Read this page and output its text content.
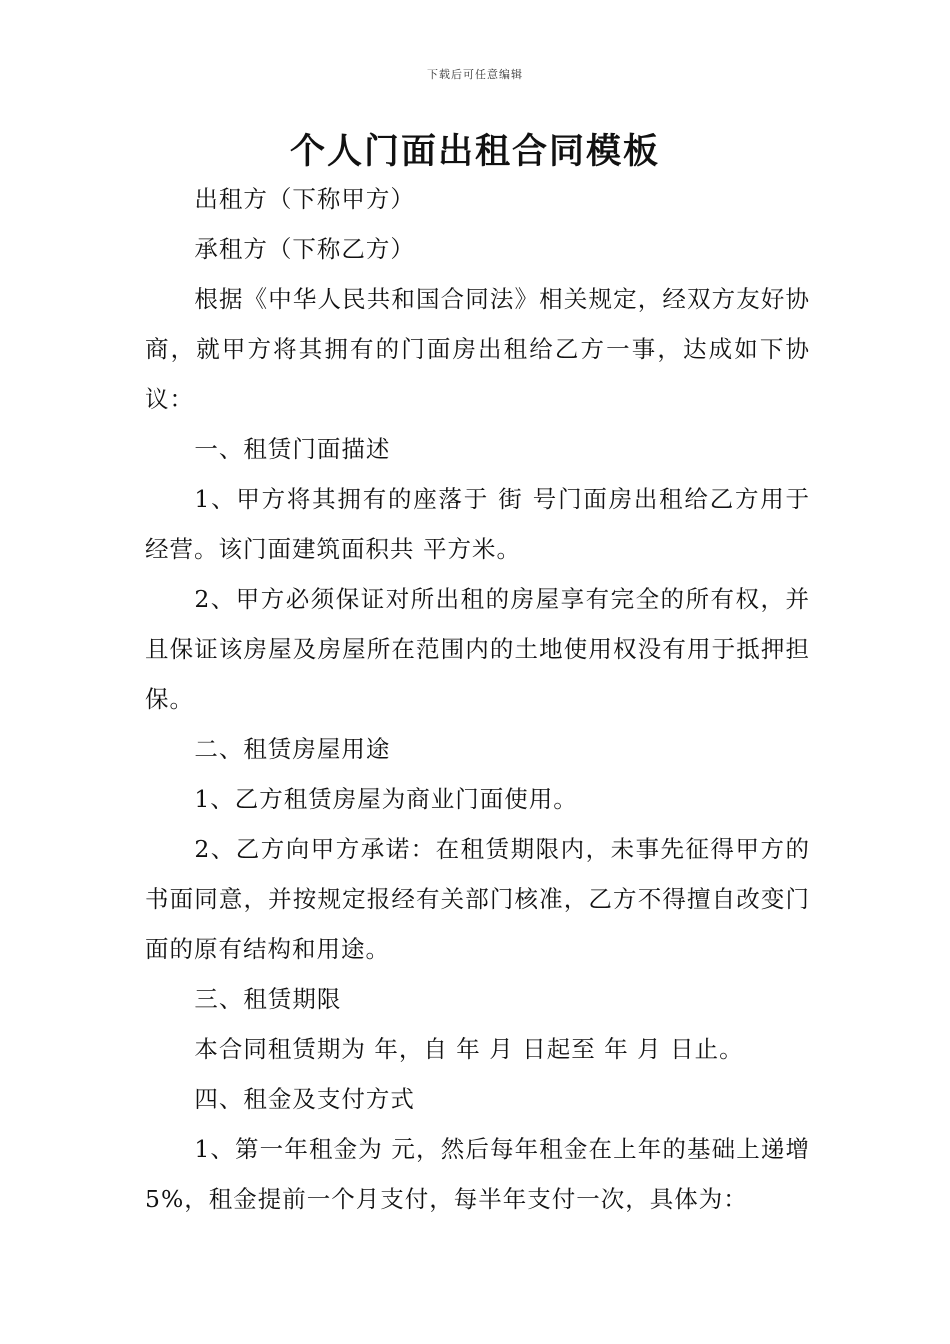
下载后可任意编辑
个人门面出租合同模板

出租方（下称甲方）

承租方（下称乙方）

根据《中华人民共和国合同法》相关规定，经双方友好协商，就甲方将其拥有的门面房出租给乙方一事，达成如下协议：

一、租赁门面描述

1、甲方将其拥有的座落于 街 号门面房出租给乙方用于经营。该门面建筑面积共 平方米。

2、甲方必须保证对所出租的房屋享有完全的所有权，并且保证该房屋及房屋所在范围内的土地使用权没有用于抵押担保。

二、租赁房屋用途

1、乙方租赁房屋为商业门面使用。

2、乙方向甲方承诺：在租赁期限内，未事先征得甲方的书面同意，并按规定报经有关部门核准，乙方不得擅自改变门面的原有结构和用途。

三、租赁期限

本合同租赁期为 年，自 年 月 日起至 年 月 日止。

四、租金及支付方式

1、第一年租金为 元，然后每年租金在上年的基础上递增5%，租金提前一个月支付，每半年支付一次，具体为：
